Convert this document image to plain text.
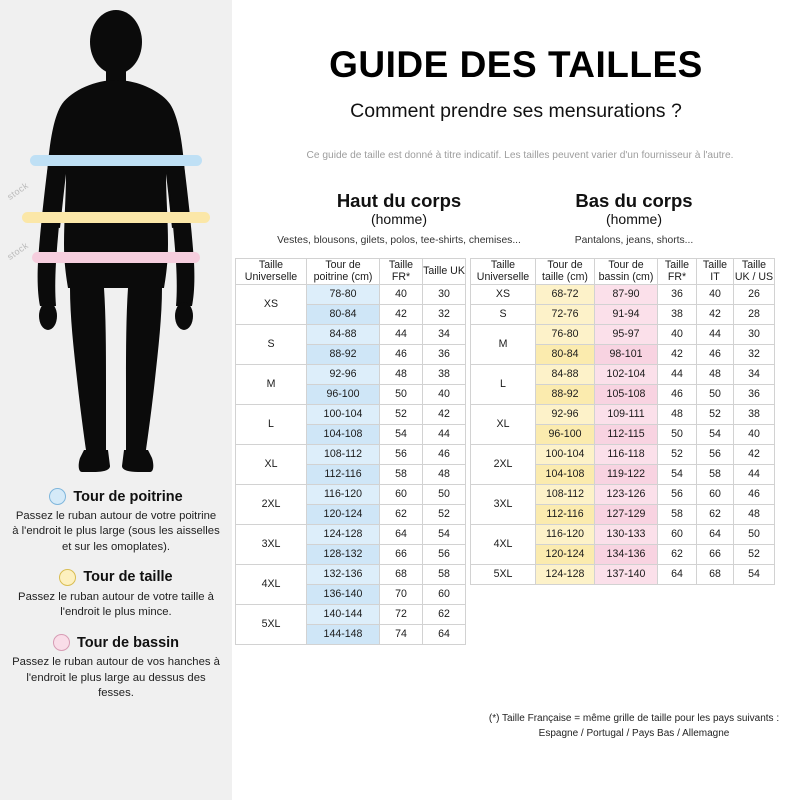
stock
stock
Tour de poitrine
Passez le ruban autour de votre poitrine à l'endroit le plus large (sous les aisselles et sur les omoplates).
Tour de taille
Passez le ruban autour de votre taille à l'endroit le plus mince.
Tour de bassin
Passez le ruban autour de vos hanches à l'endroit le plus large au dessus des fesses.
GUIDE DES TAILLES
Comment prendre ses mensurations ?
Ce guide de taille est donné à titre indicatif. Les tailles peuvent varier d'un fournisseur à l'autre.
Haut du corps
(homme)
Vestes, blousons, gilets, polos, tee-shirts, chemises...
Taille Universelle	Tour de poitrine (cm)	Taille FR*	Taille UK
XS	78-80	40	30
	80-84	42	32
S	84-88	44	34
	88-92	46	36
M	92-96	48	38
	96-100	50	40
L	100-104	52	42
	104-108	54	44
XL	108-112	56	46
	112-116	58	48
2XL	116-120	60	50
	120-124	62	52
3XL	124-128	64	54
	128-132	66	56
4XL	132-136	68	58
	136-140	70	60
5XL	140-144	72	62
	144-148	74	64
Bas du corps
(homme)
Pantalons, jeans, shorts...
Taille Universelle	Tour de taille (cm)	Tour de bassin (cm)	Taille FR*	Taille IT	Taille UK / US
XS	68-72	87-90	36	40	26
S	72-76	91-94	38	42	28
M	76-80	95-97	40	44	30
	80-84	98-101	42	46	32
L	84-88	102-104	44	48	34
	88-92	105-108	46	50	36
XL	92-96	109-111	48	52	38
	96-100	112-115	50	54	40
2XL	100-104	116-118	52	56	42
	104-108	119-122	54	58	44
3XL	108-112	123-126	56	60	46
	112-116	127-129	58	62	48
4XL	116-120	130-133	60	64	50
	120-124	134-136	62	66	52
5XL	124-128	137-140	64	68	54
(*) Taille Française = même grille de taille pour les pays suivants : Espagne / Portugal / Pays Bas / Allemagne
